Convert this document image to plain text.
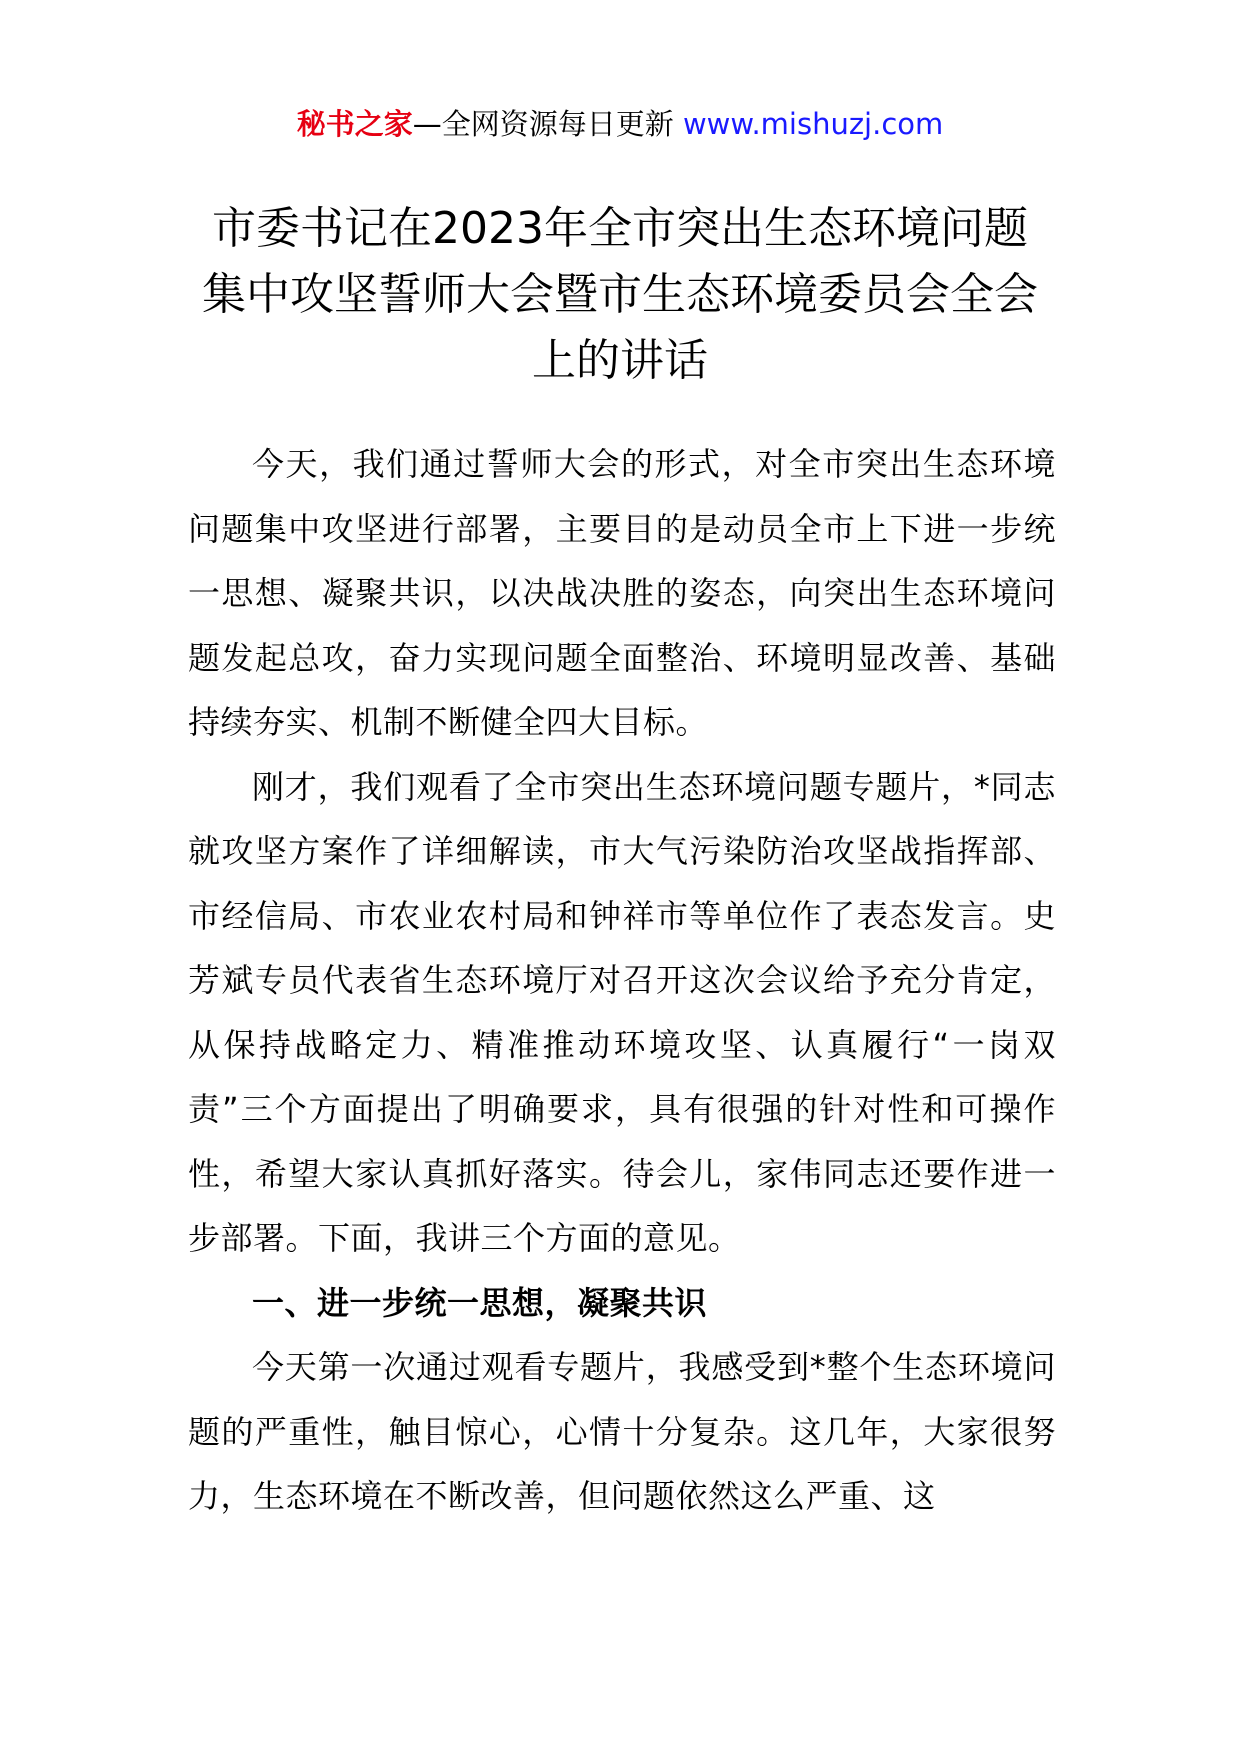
秘书之家—全网资源每日更新 www.mishuzj.com
市委书记在2023年全市突出生态环境问题集中攻坚誓师大会暨市生态环境委员会全会上的讲话

今天，我们通过誓师大会的形式，对全市突出生态环境问题集中攻坚进行部署，主要目的是动员全市上下进一步统一思想、凝聚共识，以决战决胜的姿态，向突出生态环境问题发起总攻，奋力实现问题全面整治、环境明显改善、基础持续夯实、机制不断健全四大目标。

刚才，我们观看了全市突出生态环境问题专题片，*同志就攻坚方案作了详细解读，市大气污染防治攻坚战指挥部、市经信局、市农业农村局和钟祥市等单位作了表态发言。史芳斌专员代表省生态环境厅对召开这次会议给予充分肯定，从保持战略定力、精准推动环境攻坚、认真履行“一岗双责”三个方面提出了明确要求，具有很强的针对性和可操作性，希望大家认真抓好落实。待会儿，家伟同志还要作进一步部署。下面，我讲三个方面的意见。

一、进一步统一思想，凝聚共识

今天第一次通过观看专题片，我感受到*整个生态环境问题的严重性，触目惊心，心情十分复杂。这几年，大家很努力，生态环境在不断改善，但问题依然这么严重、这
